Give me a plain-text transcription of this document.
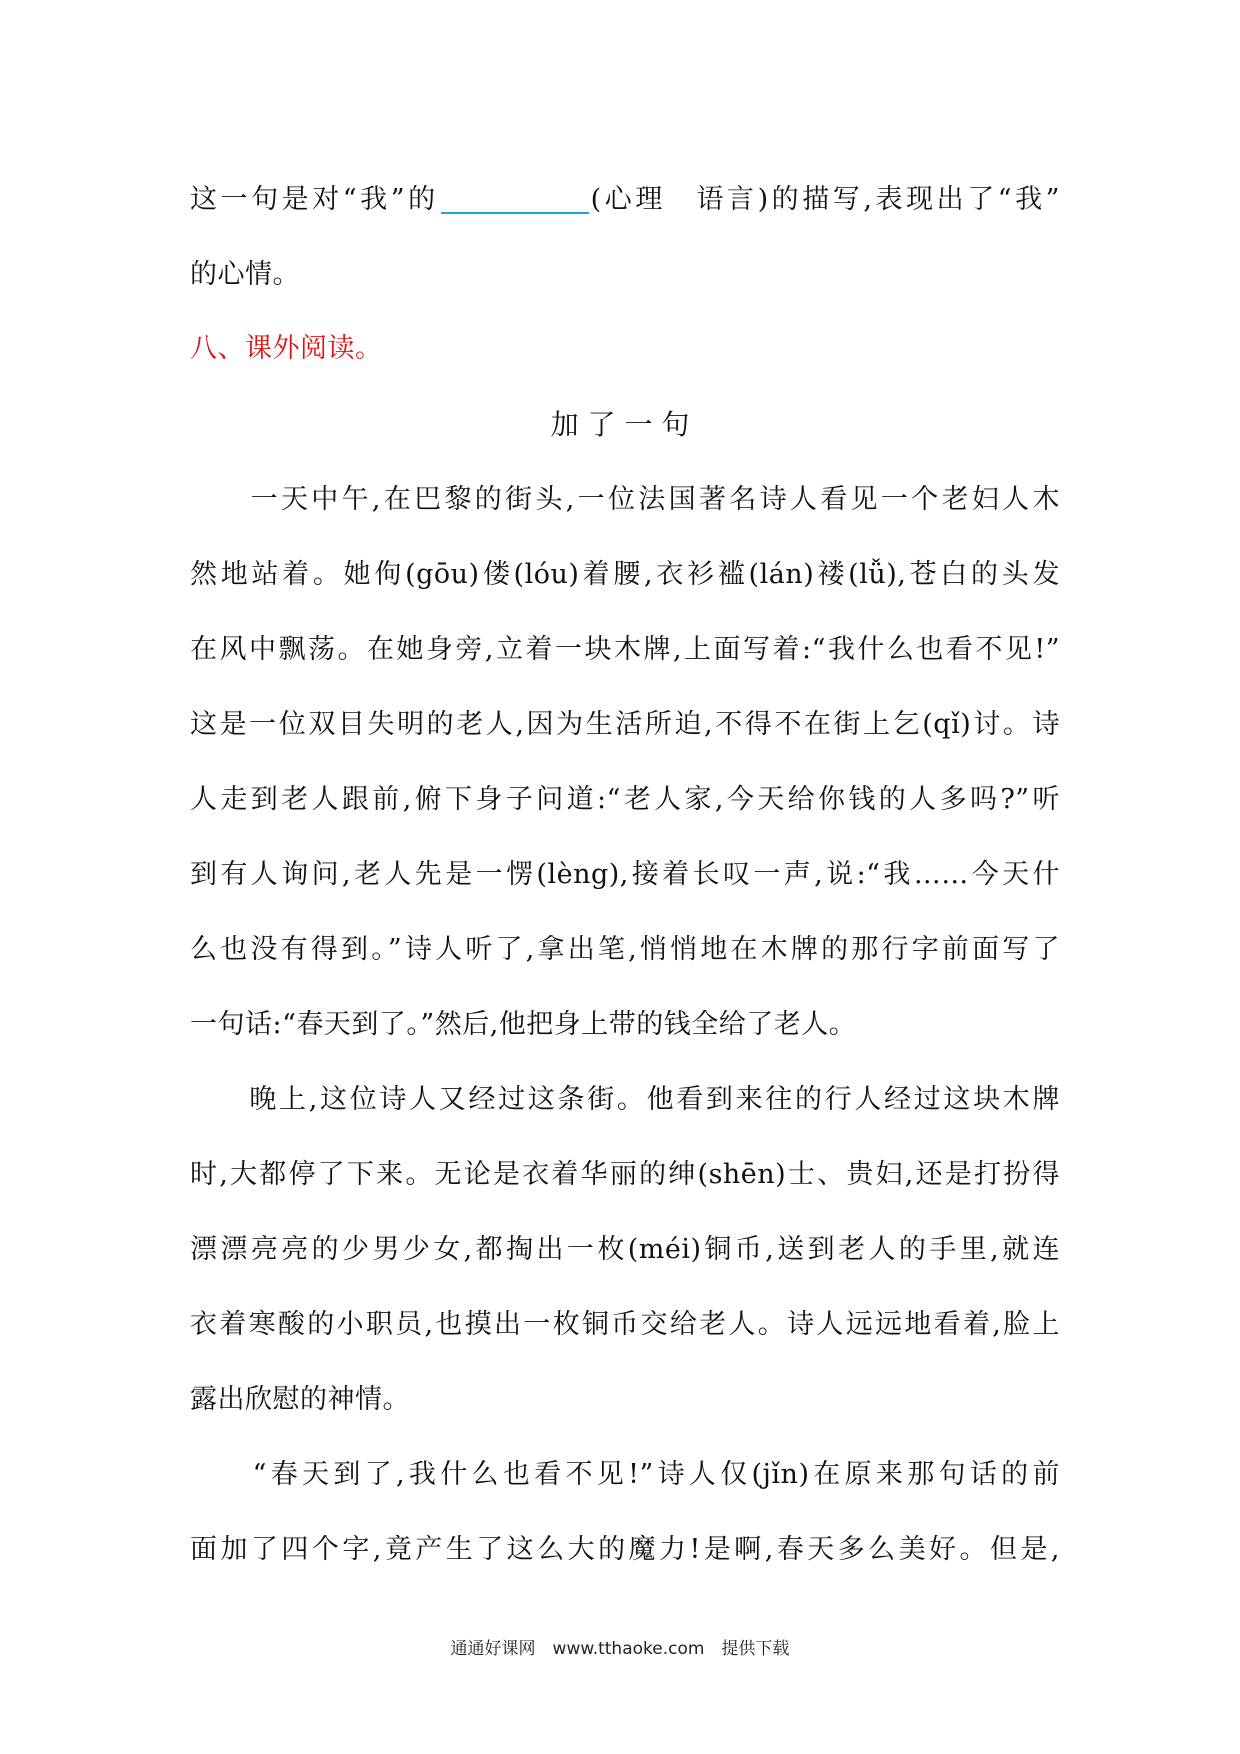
这一句是对“我”的	(心理　语言)的描写,表现出了“我”
的心情。
八、课外阅读。
加 了 一 句
　　一天中午,在巴黎的街头,一位法国著名诗人看见一个老妇人木
然地站着。她佝(gōu)偻(lóu)着腰,衣衫褴(lán)褛(lǚ),苍白的头发
在风中飘荡。在她身旁,立着一块木牌,上面写着:“我什么也看不见!”
这是一位双目失明的老人,因为生活所迫,不得不在街上乞(qǐ)讨。诗
人走到老人跟前,俯下身子问道:“老人家,今天给你钱的人多吗?”听
到有人询问,老人先是一愣(lèng),接着长叹一声,说:“我……今天什
么也没有得到。”诗人听了,拿出笔,悄悄地在木牌的那行字前面写了
一句话:“春天到了。”然后,他把身上带的钱全给了老人。
　　晚上,这位诗人又经过这条街。他看到来往的行人经过这块木牌
时,大都停了下来。无论是衣着华丽的绅(shēn)士、贵妇,还是打扮得
漂漂亮亮的少男少女,都掏出一枚(méi)铜币,送到老人的手里,就连
衣着寒酸的小职员,也摸出一枚铜币交给老人。诗人远远地看着,脸上
露出欣慰的神情。
　　“春天到了,我什么也看不见!”诗人仅(jǐn)在原来那句话的前
面加了四个字,竟产生了这么大的魔力!是啊,春天多么美好。但是,
通通好课网　www.tthaoke.com　提供下载
